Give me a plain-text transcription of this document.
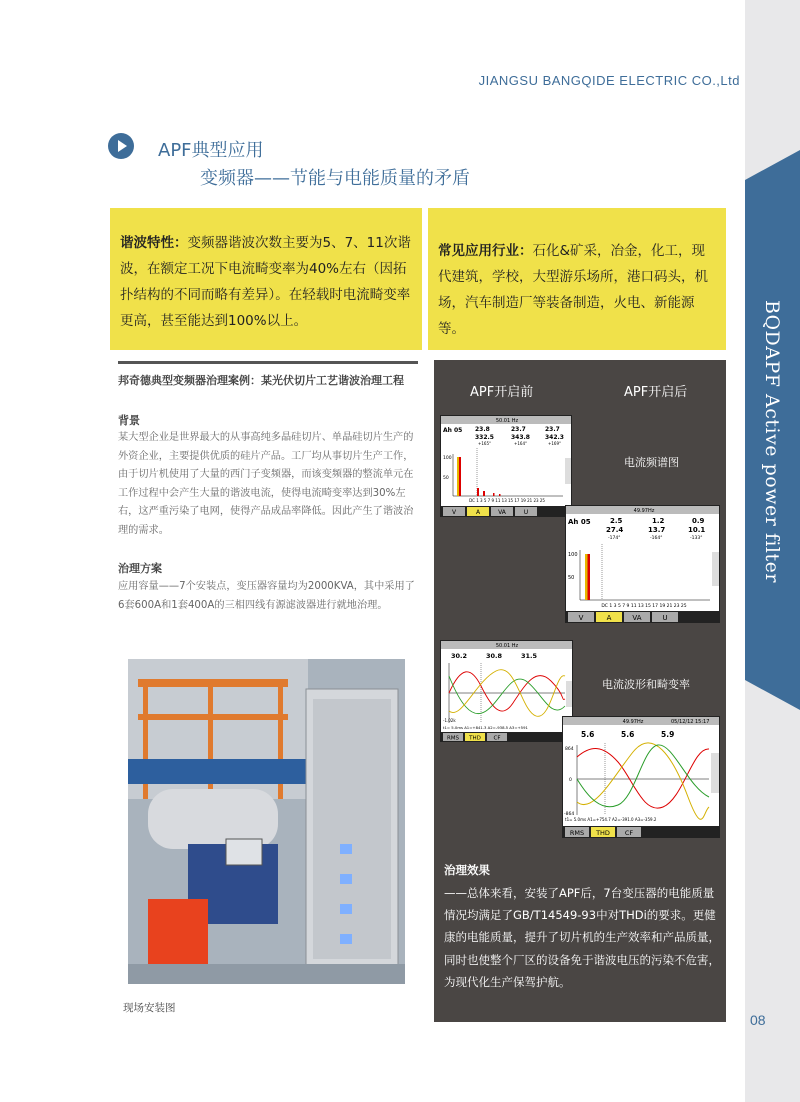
BQDAPF Active power filter
08
JIANGSU BANGQIDE ELECTRIC CO.,Ltd
APF典型应用
变频器——节能与电能质量的矛盾
谐波特性：变频器谐波次数主要为5、7、11次谐波，在额定工况下电流畸变率为40%左右（因拓扑结构的不同而略有差异）。在轻载时电流畸变率更高，甚至能达到100%以上。
常见应用行业：石化&矿采，冶金，化工，现代建筑，学校，大型游乐场所，港口码头，机场，汽车制造厂等装备制造，火电、新能源等。
邦奇德典型变频器治理案例：某光伏切片工艺谐波治理工程
背景
某大型企业是世界最大的从事高纯多晶硅切片、单晶硅切片生产的外资企业，主要提供优质的硅片产品。工厂均从事切片生产工作，由于切片机使用了大量的西门子变频器，而该变频器的整流单元在工作过程中会产生大量的谐波电流，使得电流畸变率达到30%左右，这严重污染了电网，使得产品成品率降低。因此产生了谐波治理的需求。
治理方案
应用容量——7个安装点，变压器容量均为2000KVA，其中采用了6套600A和1套400A的三相四线有源滤波器进行就地治理。
现场安装图
APF开启前	APF开启后
电流频谱图
电流波形和畸变率
50.01 Hz
Ah 05 23.8	23.7	23.7
332.5	343.8	342.3
+165°	+164°	+169°
100
50
DC 1 3 5 7 9 11 13 15 17 19 21 23 25
V	A	VA	U	49.97Hz
Ah 05	2.5	1.2	0.9
27.4	13.7	10.1
-174°	-164°	-133°
100
50
DC 1 3 5 7 9 11 13 15 17 19 21 23 25
V	A	VA	U
50.01 Hz
30.2	30.8	31.5
-1.02k
t1= 5.0ms A1=+841.3 A2=-938.5 A3=+591
RMS THD CF
49.97Hz	05/12/12 15:17
5.6	5.6	5.9
864
0
-864
t1= 5.0ms A1=+754.7 A2=-391.0 A3=-359.2
RMS THD CF
治理效果
——总体来看，安装了APF后，7台变压器的电能质量情况均满足了GB/T14549-93中对THDi的要求。更健康的电能质量，提升了切片机的生产效率和产品质量，同时也使整个厂区的设备免于谐波电压的污染不危害，为现代化生产保驾护航。
